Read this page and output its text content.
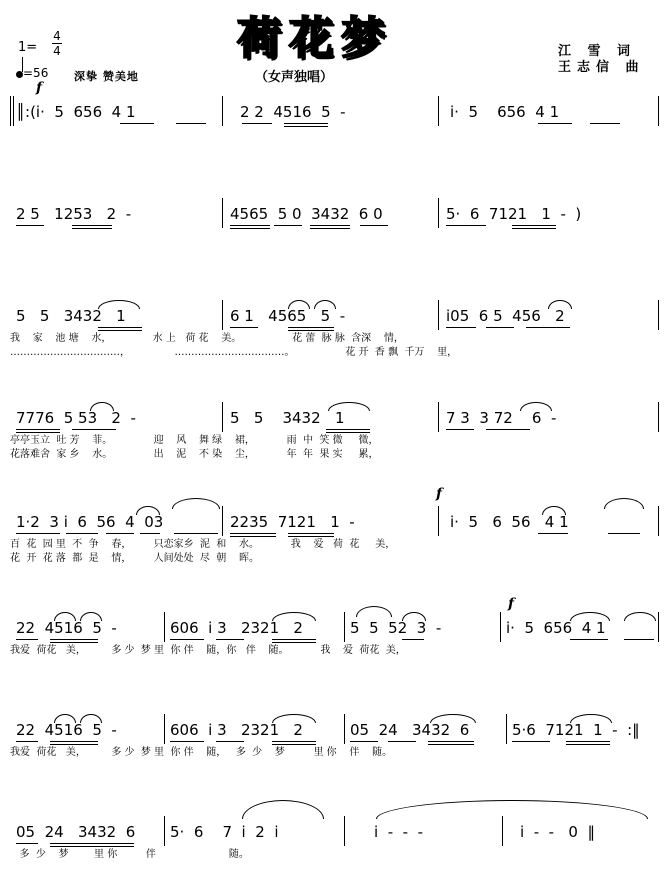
荷花梦
1=
4
4
=56 深挚 赞美地	（女声独唱）
江 雪 词
王志信 曲
f
f
f
║:(i·  5  656  4 1	2 2  4516  5  -	i·  5    656  4 1
2 5   1253   2  -	4565  5 0  3432  6 0	5·  6  7121   1  -  )
5   5   3432   1	6 1   4565   5  -	i05  6 5  456   2
我    家    池 塘    水，             水 上   荷 花    美。                花 蕾  脉 脉  含深    情，
……………………………，              ……………………………。                花 开  香 飘  千万    里，
7776  5 53   2  -	5   5    3432   1	7 3  3 72    6  -
亭亭玉立  吐 芳    菲。             迎    风    舞 绿    裙，          雨  中  笑 微     微，
花落难舍  家 乡    水。             出    泥    不 染    尘，          年  年  果 实     累，
1·2  3 i  6  56  4  03	2235  7121   1  -	i·  5   6  56   4 1
百  花  园 里  不  争    春，       只恋家乡  泥  和    水。          我    爱   荷  花     美，
花  开  花 落  都  是    情，       人间处处  尽  朝    晖。
22  4516  5  -	606  i 3   2321   2	5  5  52  3  -	i·  5  656  4 1
我爱  荷花   美，        多 少  梦 里  你 伴    随，你   伴    随。          我    爱  荷花  美，
22  4516  5  -	606  i 3   2321   2	05  24   3432  6	5·6  7121  1  -  :‖
我爱  荷花   美，        多 少  梦 里  你 伴    随，   多  少    梦         里 你    伴    随。
05  24   3432  6 5·  6    7  i  2  i	i  -  -  -	i  -  -   0  ‖
多  少    梦        里 你         伴                       随。
